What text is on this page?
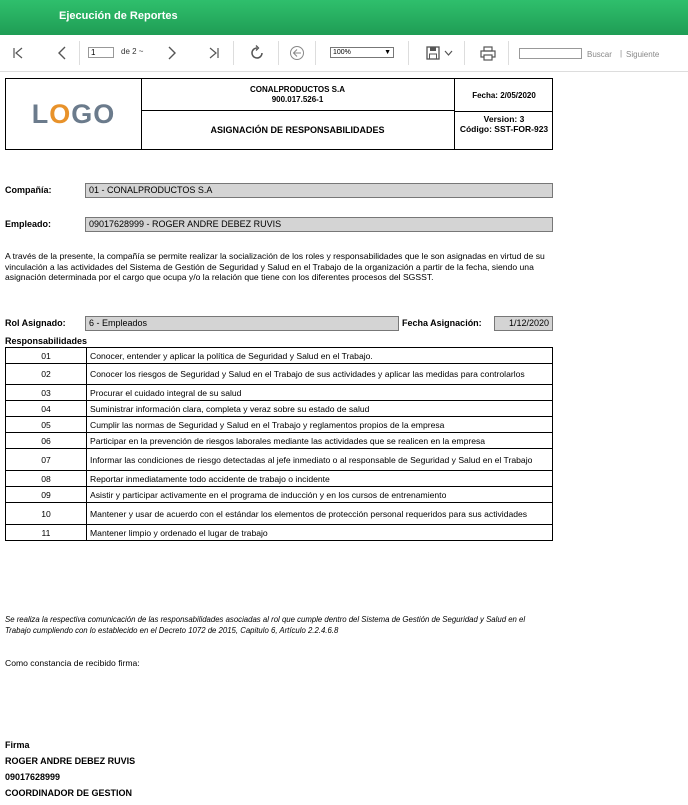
Ejecución de Reportes
1	de 2 ~	100%	▼	Buscar | Siguiente
L O GO
CONALPRODUCTOS S.A
900.017.526-1
ASIGNACIÓN DE RESPONSABILIDADES
Fecha: 2/05/2020
Version: 3
Código: SST-FOR-923
Compañía:	01 - CONALPRODUCTOS S.A
Empleado:	09017628999 - ROGER ANDRE DEBEZ RUVIS
A través de la presente, la compañía se permite realizar la socialización de los roles y responsabilidades que le son asignadas en virtud de su vinculación a las actividades del Sistema de Gestión de Seguridad y Salud en el Trabajo de la organización a partir de la fecha, siendo una asignación determinada por el cargo que ocupa y/o la relación que tiene con los diferentes procesos del SGSST.
Rol Asignado:	6 - Empleados	Fecha Asignación:	1/12/2020
Responsabilidades
01	Conocer, entender y aplicar la política de Seguridad y Salud en el Trabajo.
02	Conocer los riesgos de Seguridad y Salud en el Trabajo de sus actividades y aplicar las medidas para controlarlos
03	Procurar el cuidado integral de su salud
04	Suministrar información clara, completa y veraz sobre su estado de salud
05	Cumplir las normas de Seguridad y Salud en el Trabajo y reglamentos propios de la empresa
06	Participar en la prevención de riesgos laborales mediante las actividades que se realicen en la empresa
07	Informar las condiciones de riesgo detectadas al jefe inmediato o al responsable de Seguridad y Salud en el Trabajo
08	Reportar inmediatamente todo accidente de trabajo o incidente
09	Asistir y participar activamente en el programa de inducción y en los cursos de entrenamiento
10	Mantener y usar de acuerdo con el estándar los elementos de protección personal requeridos para sus actividades
11	Mantener limpio y ordenado el lugar de trabajo
Se realiza la respectiva comunicación de las responsabilidades asociadas al rol que cumple dentro del Sistema de Gestión de Seguridad y Salud en el Trabajo cumpliendo con lo establecido en el Decreto 1072 de 2015, Capitulo 6, Artículo 2.2.4.6.8
Como constancia de recibido firma:
Firma
ROGER ANDRE DEBEZ RUVIS
09017628999
COORDINADOR DE GESTION
